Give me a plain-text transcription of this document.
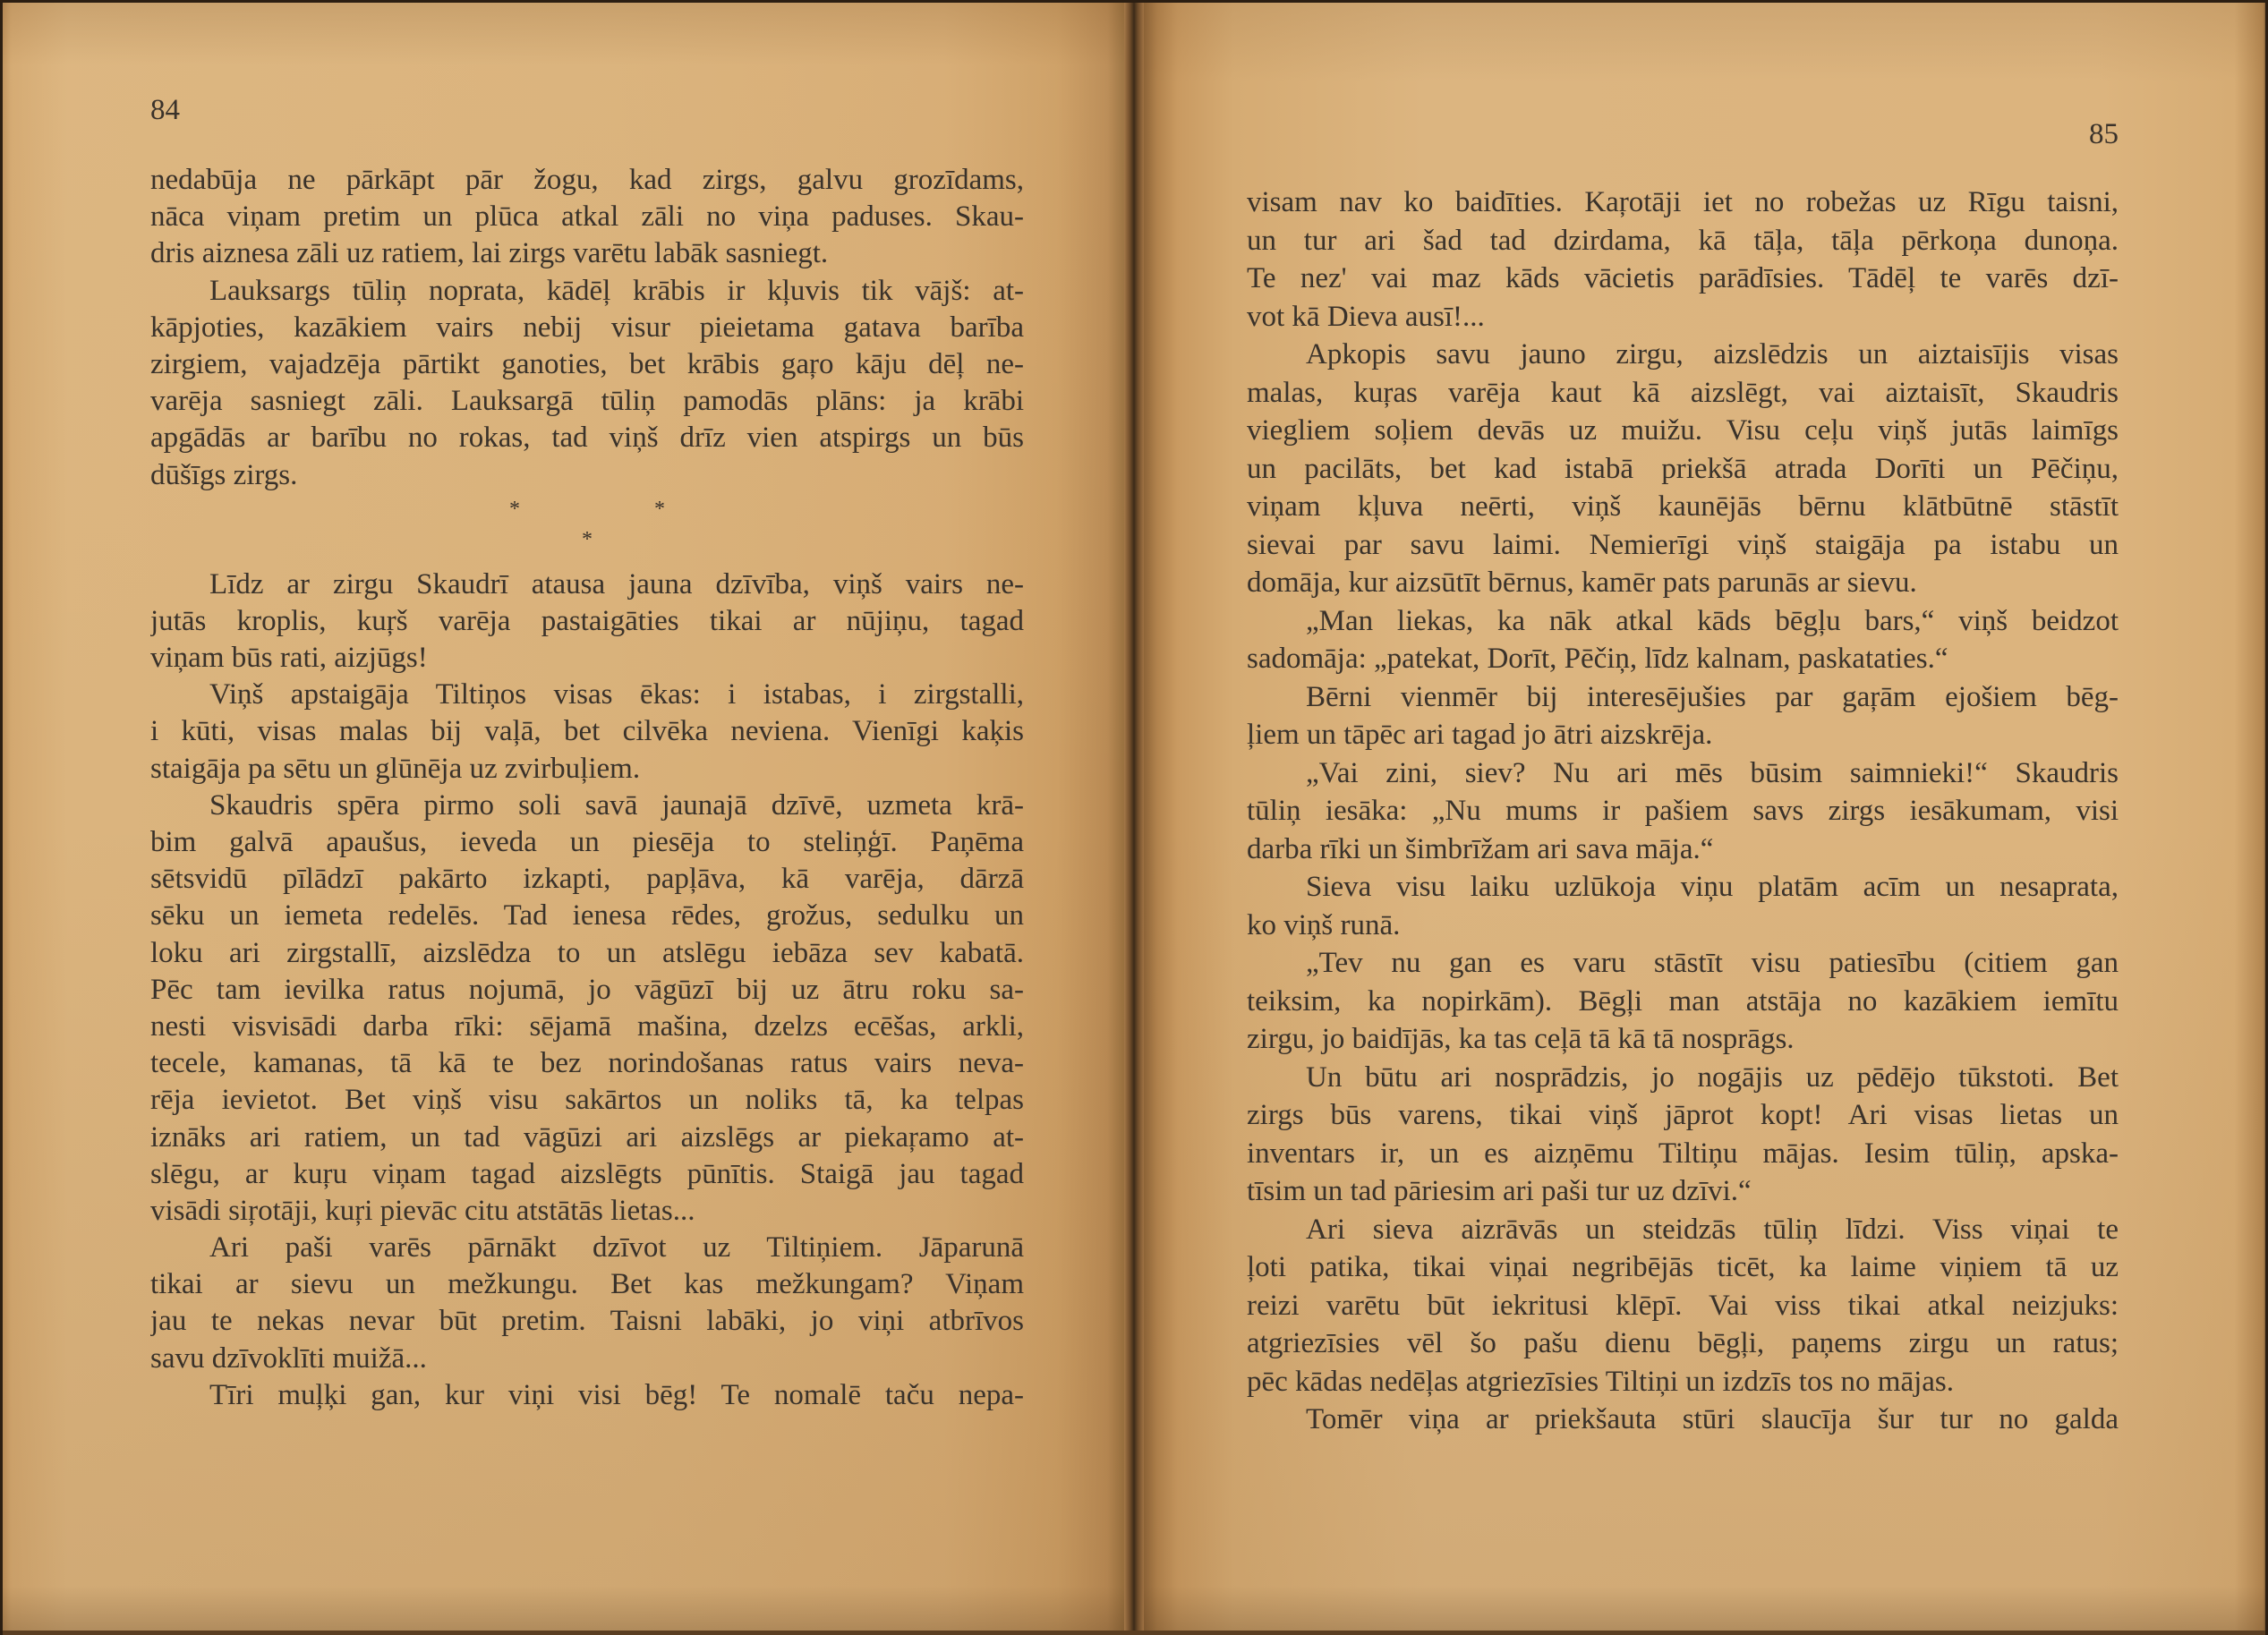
84
nedabūja ne pārkāpt pār žogu, kad zirgs, galvu grozīdams,
nāca viņam pretim un plūca atkal zāli no viņa paduses. Skau-
dris aiznesa zāli uz ratiem, lai zirgs varētu labāk sasniegt.
Lauksargs tūliņ noprata, kādēļ krābis ir kļuvis tik vājš: at-
kāpjoties, kazākiem vairs nebij visur pieietama gatava barība
zirgiem, vajadzēja pārtikt ganoties, bet krābis gaŗo kāju dēļ ne-
varēja sasniegt zāli. Lauksargā tūliņ pamodās plāns: ja krābi
apgādās ar barību no rokas, tad viņš drīz vien atspirgs un būs
dūšīgs zirgs.
*	*
*
Līdz ar zirgu Skaudrī atausa jauna dzīvība, viņš vairs ne-
jutās kroplis, kuŗš varēja pastaigāties tikai ar nūjiņu, tagad
viņam būs rati, aizjūgs!
Viņš apstaigāja Tiltiņos visas ēkas: i istabas, i zirgstalli,
i kūti, visas malas bij vaļā, bet cilvēka neviena. Vienīgi kaķis
staigāja pa sētu un glūnēja uz zvirbuļiem.
Skaudris spēra pirmo soli savā jaunajā dzīvē, uzmeta krā-
bim galvā apaušus, ieveda un piesēja to steliņģī. Paņēma
sētsvidū pīlādzī pakārto izkapti, papļāva, kā varēja, dārzā
sēku un iemeta redelēs. Tad ienesa rēdes, grožus, sedulku un
loku ari zirgstallī, aizslēdza to un atslēgu iebāza sev kabatā.
Pēc tam ievilka ratus nojumā, jo vāgūzī bij uz ātru roku sa-
nesti visvisādi darba rīki: sējamā mašina, dzelzs ecēšas, arkli,
tecele, kamanas, tā kā te bez norindošanas ratus vairs neva-
rēja ievietot. Bet viņš visu sakārtos un noliks tā, ka telpas
iznāks ari ratiem, un tad vāgūzi ari aizslēgs ar piekaŗamo at-
slēgu, ar kuŗu viņam tagad aizslēgts pūnītis. Staigā jau tagad
visādi siŗotāji, kuŗi pievāc citu atstātās lietas...
Ari paši varēs pārnākt dzīvot uz Tiltiņiem. Jāparunā
tikai ar sievu un mežkungu. Bet kas mežkungam? Viņam
jau te nekas nevar būt pretim. Taisni labāki, jo viņi atbrīvos
savu dzīvoklīti muižā...
Tīri muļķi gan, kur viņi visi bēg! Te nomalē taču nepa-
85
visam nav ko baidīties. Kaŗotāji iet no robežas uz Rīgu taisni,
un tur ari šad tad dzirdama, kā tāļa, tāļa pērkoņa dunoņa.
Te nez' vai maz kāds vācietis parādīsies. Tādēļ te varēs dzī-
vot kā Dieva ausī!...
Apkopis savu jauno zirgu, aizslēdzis un aiztaisījis visas
malas, kuŗas varēja kaut kā aizslēgt, vai aiztaisīt, Skaudris
viegliem soļiem devās uz muižu. Visu ceļu viņš jutās laimīgs
un pacilāts, bet kad istabā priekšā atrada Dorīti un Pēčiņu,
viņam kļuva neērti, viņš kaunējās bērnu klātbūtnē stāstīt
sievai par savu laimi. Nemierīgi viņš staigāja pa istabu un
domāja, kur aizsūtīt bērnus, kamēr pats parunās ar sievu.
„Man liekas, ka nāk atkal kāds bēgļu bars,“ viņš beidzot
sadomāja: „patekat, Dorīt, Pēčiņ, līdz kalnam, paskataties.“
Bērni vienmēr bij interesējušies par gaŗām ejošiem bēg-
ļiem un tāpēc ari tagad jo ātri aizskrēja.
„Vai zini, siev? Nu ari mēs būsim saimnieki!“ Skaudris
tūliņ iesāka: „Nu mums ir pašiem savs zirgs iesākumam, visi
darba rīki un šimbrīžam ari sava māja.“
Sieva visu laiku uzlūkoja viņu platām acīm un nesaprata,
ko viņš runā.
„Tev nu gan es varu stāstīt visu patiesību (citiem gan
teiksim, ka nopirkām). Bēgļi man atstāja no kazākiem iemītu
zirgu, jo baidījās, ka tas ceļā tā kā tā nosprāgs.
Un būtu ari nosprādzis, jo nogājis uz pēdējo tūkstoti. Bet
zirgs būs varens, tikai viņš jāprot kopt! Ari visas lietas un
inventars ir, un es aizņēmu Tiltiņu mājas. Iesim tūliņ, apska-
tīsim un tad pāriesim ari paši tur uz dzīvi.“
Ari sieva aizrāvās un steidzās tūliņ līdzi. Viss viņai te
ļoti patika, tikai viņai negribējās ticēt, ka laime viņiem tā uz
reizi varētu būt iekritusi klēpī. Vai viss tikai atkal neizjuks:
atgriezīsies vēl šo pašu dienu bēgļi, paņems zirgu un ratus;
pēc kādas nedēļas atgriezīsies Tiltiņi un izdzīs tos no mājas.
Tomēr viņa ar priekšauta stūri slaucīja šur tur no galda
